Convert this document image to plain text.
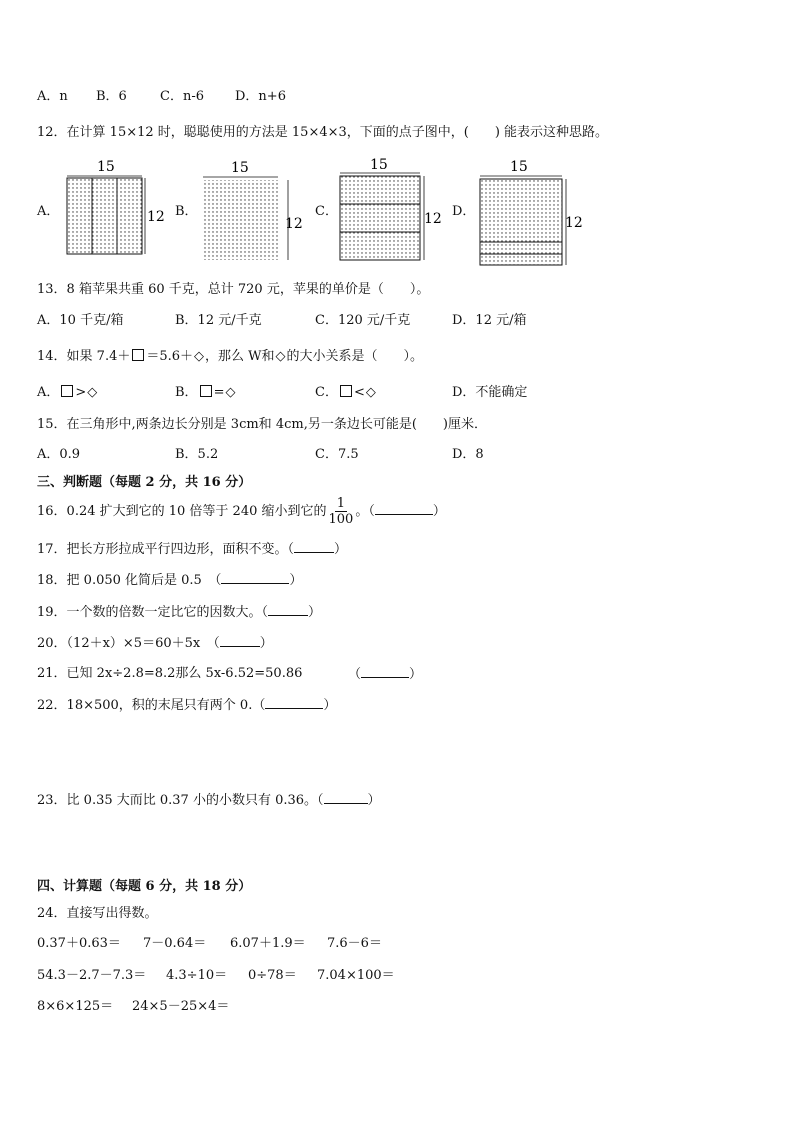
A．n B．6	C．n-6 D．n+6
12．在计算 15×12 时，聪聪使用的方法是 15×4×3，下面的点子图中，(　　) 能表示这种思路。
A．	B．	C．	D．
15
12
15
12
15
12
15
12
13．8 箱苹果共重 60 千克，总计 720 元，苹果的单价是（　　）。
A．10 千克/箱	B．12 元/千克	C．120 元/千克	D．12 元/箱
14．如果 7.4＋ ＝5.6＋◇，那么 W和◇的大小关系是（　　）。
A． >◇	B． =◇	C． <◇	D．不能确定
15．在三角形中,两条边长分别是 3cm和 4cm,另一条边长可能是(　　)厘米．
A．0.9	B．5.2	C．7.5	D．8
三、判断题（每题 2 分，共 16 分）
16．0.24 扩大到它的 10 倍等于 240 缩小到它的 $\frac{1}{100}$ 。（	）
17．把长方形拉成平行四边形，面积不变。（	）
18．把 0.050 化简后是 0.5　（	）
19．一个数的倍数一定比它的因数大。（	）
20．（12＋x）×5＝60＋5x　（	）
21．已知 2x÷2.8=8.2那么 5x-6.52=50.86	（	）
22．18×500，积的末尾只有两个 0.（	）
23．比 0.35 大而比 0.37 小的小数只有 0.36。（	）
四、计算题（每题 6 分，共 18 分）
24．直接写出得数。
0.37＋0.63＝ 7－0.64＝ 6.07＋1.9＝ 7.6－6＝
54.3－2.7－7.3＝ 4.3÷10＝ 0÷78＝ 7.04×100＝
8×6×125＝ 24×5－25×4＝
